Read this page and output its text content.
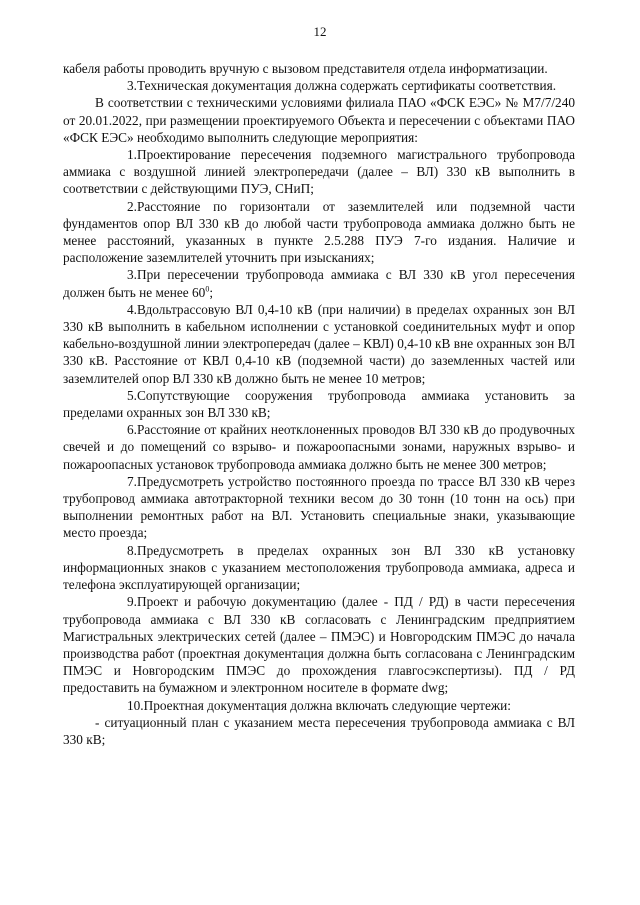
12

кабеля работы проводить вручную с вызовом представителя отдела информатизации.

3.Техническая документация должна содержать сертификаты соответствия.

В соответствии с техническими условиями филиала ПАО «ФСК ЕЭС» № М7/7/240 от 20.01.2022, при размещении проектируемого Объекта и пересечении с объектами ПАО «ФСК ЕЭС» необходимо выполнить следующие мероприятия:

1.Проектирование пересечения подземного магистрального трубопровода аммиака с воздушной линией электропередачи (далее – ВЛ) 330 кВ выполнить в соответствии с действующими ПУЭ, СНиП;

2.Расстояние по горизонтали от заземлителей или подземной части фундаментов опор ВЛ 330 кВ до любой части трубопровода аммиака должно быть не менее расстояний, указанных в пункте 2.5.288 ПУЭ 7-го издания. Наличие и расположение заземлителей уточнить при изысканиях;

3.При пересечении трубопровода аммиака с ВЛ 330 кВ угол пересечения должен быть не менее $60^0$;

4.Вдольтрассовую ВЛ 0,4-10 кВ (при наличии) в пределах охранных зон ВЛ 330 кВ выполнить в кабельном исполнении с установкой соединительных муфт и опор кабельно-воздушной линии электропередач (далее – КВЛ) 0,4-10 кВ вне охранных зон ВЛ 330 кВ. Расстояние от КВЛ 0,4-10 кВ (подземной части) до заземленных частей или заземлителей опор ВЛ 330 кВ должно быть не менее 10 метров;

5.Сопутствующие сооружения трубопровода аммиака установить за пределами охранных зон ВЛ 330 кВ;

6.Расстояние от крайних неотклоненных проводов ВЛ 330 кВ до продувочных свечей и до помещений со взрыво- и пожароопасными зонами, наружных взрыво- и пожароопасных установок трубопровода аммиака должно быть не менее 300 метров;

7.Предусмотреть устройство постоянного проезда по трассе ВЛ 330 кВ через трубопровод аммиака автотракторной техники весом до 30 тонн (10 тонн на ось) при выполнении ремонтных работ на ВЛ. Установить специальные знаки, указывающие место проезда;

8.Предусмотреть в пределах охранных зон ВЛ 330 кВ установку информационных знаков с указанием местоположения трубопровода аммиака, адреса и телефона эксплуатирующей организации;

9.Проект и рабочую документацию (далее - ПД / РД) в части пересечения трубопровода аммиака с ВЛ 330 кВ согласовать с Ленинградским предприятием Магистральных электрических сетей (далее – ПМЭС) и Новгородским ПМЭС до начала производства работ (проектная документация должна быть согласована с Ленинградским ПМЭС и Новгородским ПМЭС до прохождения главгосэкспертизы). ПД / РД предоставить на бумажном и электронном носителе в формате dwg;

10.Проектная документация должна включать следующие чертежи:

- ситуационный план с указанием места пересечения трубопровода аммиака с ВЛ 330 кВ;
